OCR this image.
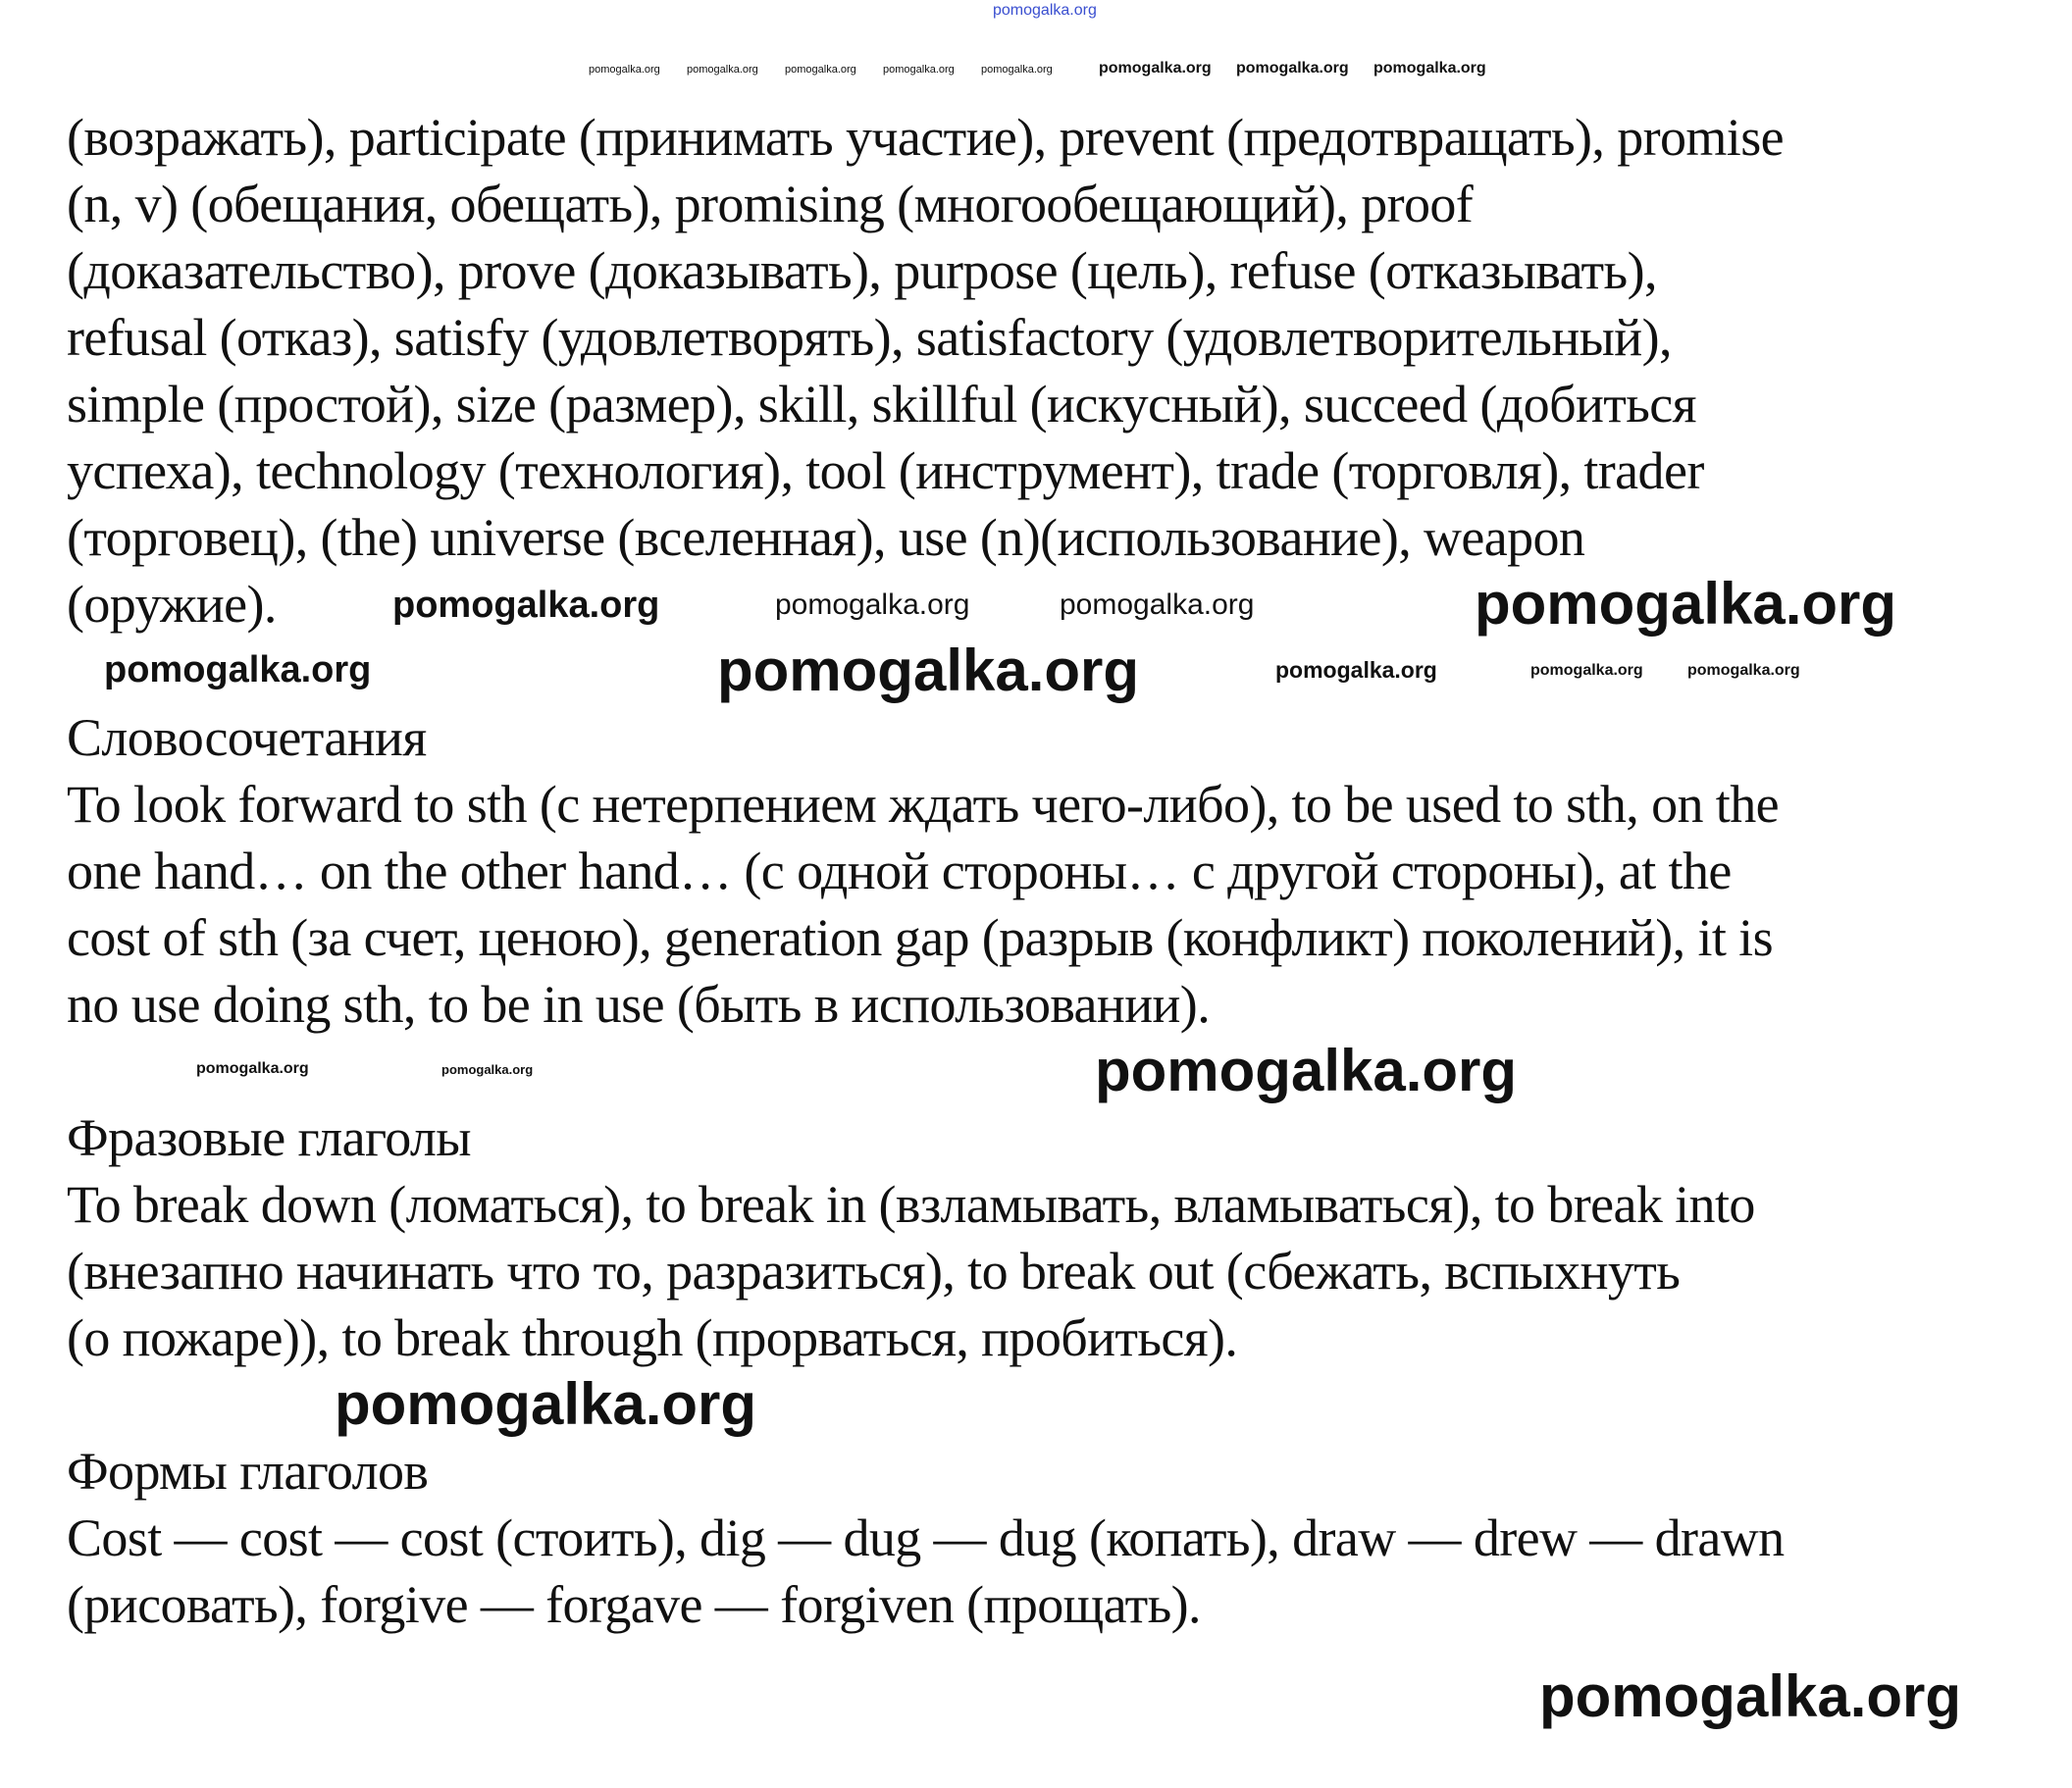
(возражать), participate (принимать участие), prevent (предотвращать), promise
(n, v) (обещания, обещать), promising (многообещающий), proof
(доказательство), prove (доказывать), purpose (цель), refuse (отказывать),
refusal (отказ), satisfy (удовлетворять), satisfactory (удовлетворительный),
simple (простой), size (размер), skill, skillful (искусный), succeed (добиться
успеха), technology (технология), tool (инструмент), trade (торговля), trader
(торговец), (the) universe (вселенная), use (n)(использование), weapon
(оружие).
Словосочетания
To look forward to sth (с нетерпением ждать чего-либо), to be used to sth, on the
one hand… on the other hand… (с одной стороны… с другой стороны), at the
cost of sth (за счет, ценою), generation gap (разрыв (конфликт) поколений), it is
no use doing sth, to be in use (быть в использовании).
Фразовые глаголы
To break down (ломаться), to break in (взламывать, вламываться), to break into
(внезапно начинать что то, разразиться), to break out (сбежать, вспыхнуть
(о пожаре)), to break through (прорваться, пробиться).
Формы глаголов
Cost — cost — cost (стоить), dig — dug — dug (копать), draw — drew — drawn
(рисовать), forgive — forgave — forgiven (прощать).
pomogalka.org
pomogalka.org pomogalka.org pomogalka.org pomogalka.org pomogalka.org	pomogalka.org pomogalka.org pomogalka.org
pomogalka.org	pomogalka.org	pomogalka.org	pomogalka.org
pomogalka.org	pomogalka.org	pomogalka.org	pomogalka.org	pomogalka.org
pomogalka.org	pomogalka.org	pomogalka.org
pomogalka.org
pomogalka.org
